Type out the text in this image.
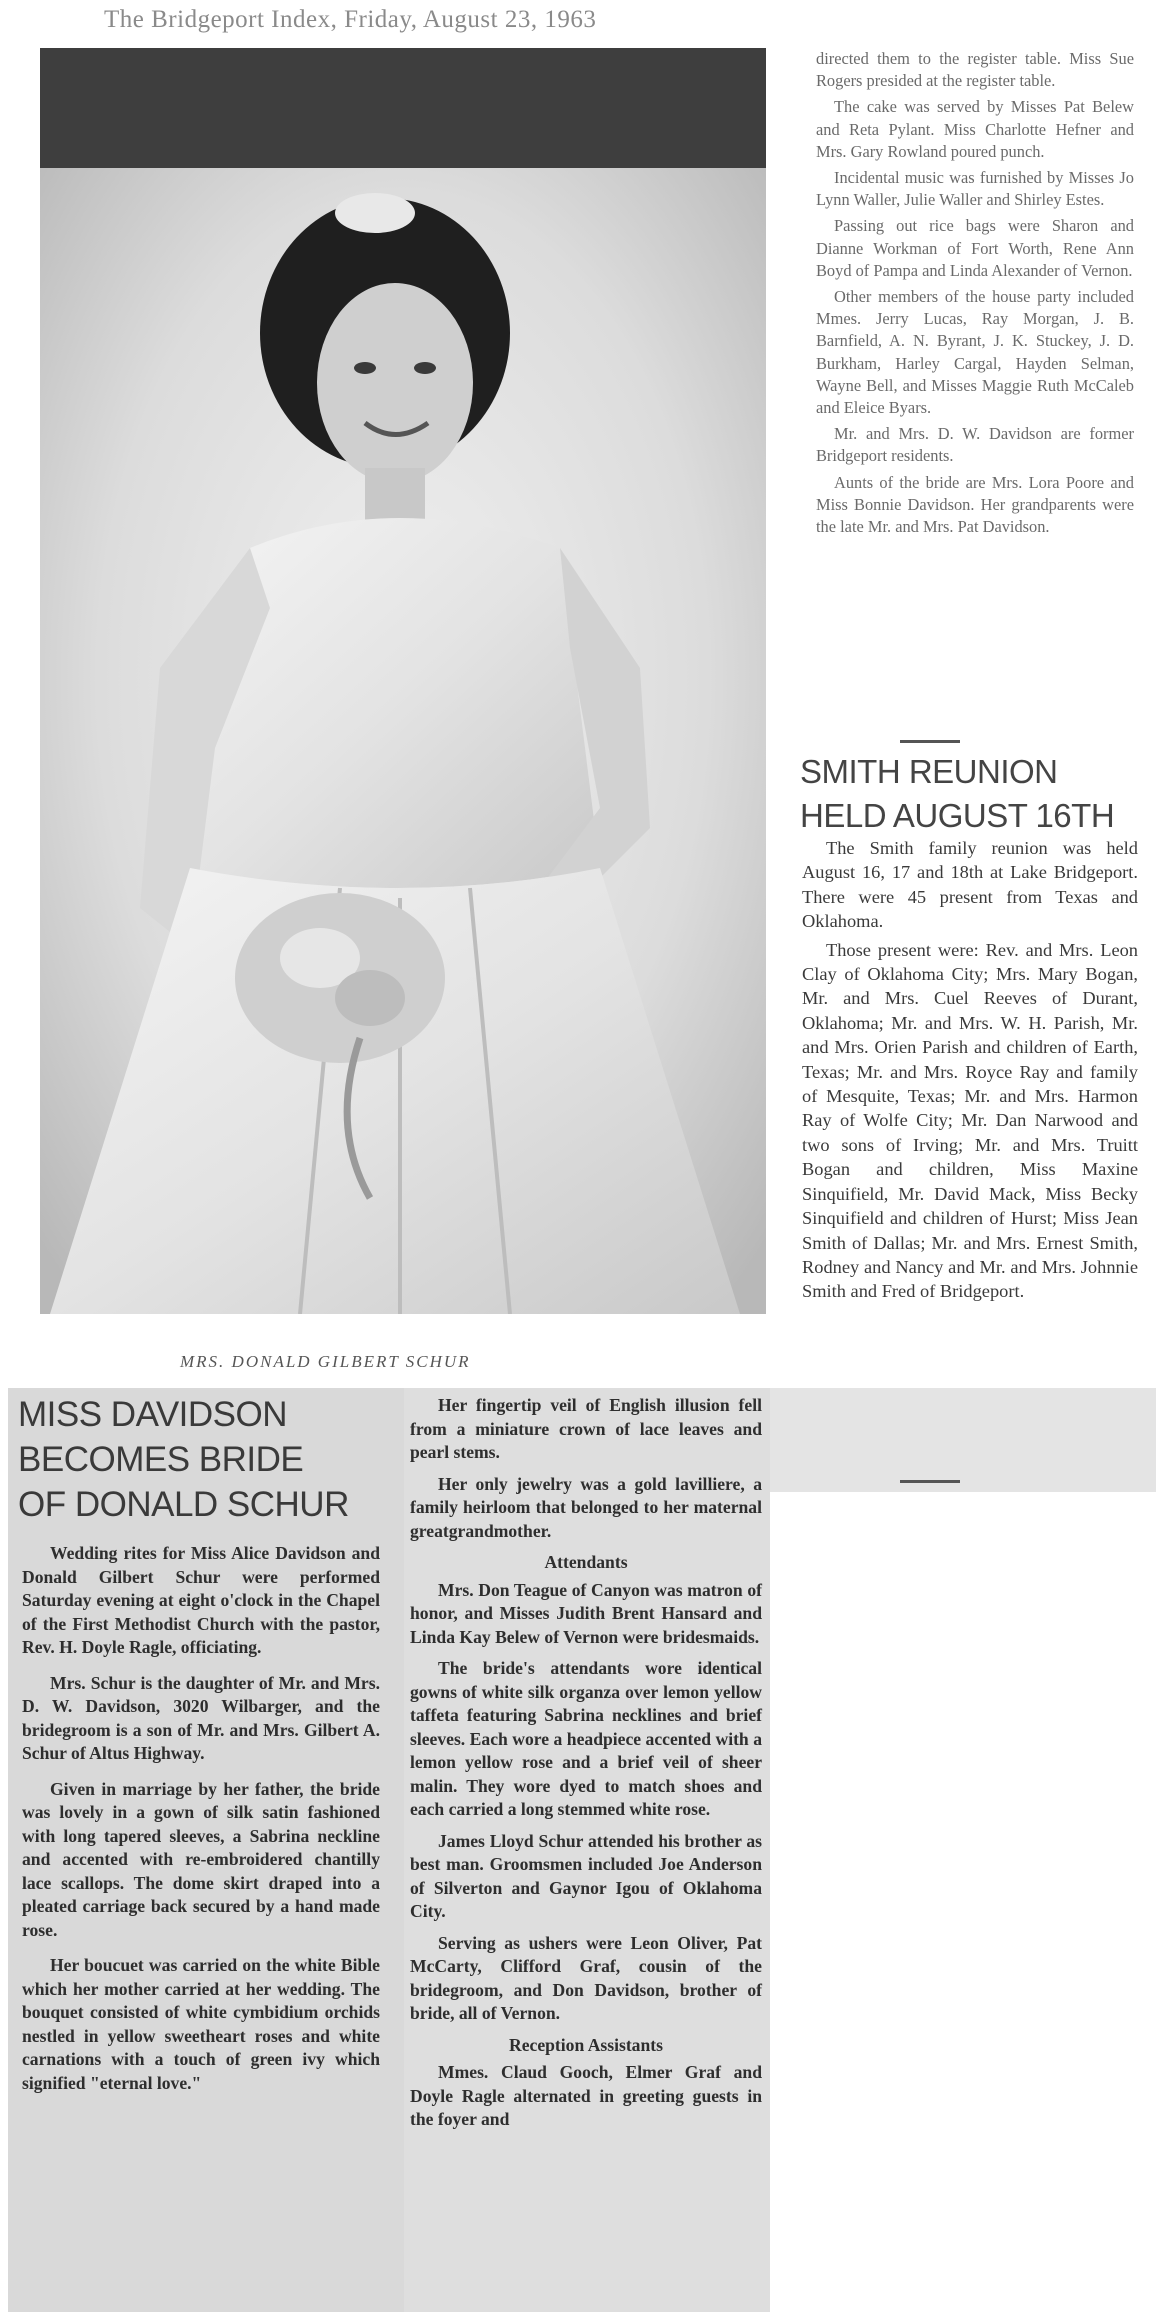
The Bridgeport Index, Friday, August 23, 1963
MRS. DONALD GILBERT SCHUR
MISS DAVIDSON
BECOMES BRIDE
OF DONALD SCHUR

Wedding rites for Miss Alice Davidson and Donald Gilbert Schur were performed Saturday evening at eight o'clock in the Chapel of the First Methodist Church with the pastor, Rev. H. Doyle Ragle, officiating.

Mrs. Schur is the daughter of Mr. and Mrs. D. W. Davidson, 3020 Wilbarger, and the bridegroom is a son of Mr. and Mrs. Gilbert A. Schur of Altus Highway.

Given in marriage by her father, the bride was lovely in a gown of silk satin fashioned with long tapered sleeves, a Sabrina neckline and accented with re-embroidered chantilly lace scallops. The dome skirt draped into a pleated carriage back secured by a hand made rose.

Her boucuet was carried on the white Bible which her mother carried at her wedding. The bouquet consisted of white cymbidium orchids nestled in yellow sweetheart roses and white carnations with a touch of green ivy which signified "eternal love."

Her fingertip veil of English illusion fell from a miniature crown of lace leaves and pearl stems.

Her only jewelry was a gold lavilliere, a family heirloom that belonged to her maternal greatgrandmother.

Attendants

Mrs. Don Teague of Canyon was matron of honor, and Misses Judith Brent Hansard and Linda Kay Belew of Vernon were bridesmaids.

The bride's attendants wore identical gowns of white silk organza over lemon yellow taffeta featuring Sabrina necklines and brief sleeves. Each wore a headpiece accented with a lemon yellow rose and a brief veil of sheer malin. They wore dyed to match shoes and each carried a long stemmed white rose.

James Lloyd Schur attended his brother as best man. Groomsmen included Joe Anderson of Silverton and Gaynor Igou of Oklahoma City.

Serving as ushers were Leon Oliver, Pat McCarty, Clifford Graf, cousin of the bridegroom, and Don Davidson, brother of bride, all of Vernon.

Reception Assistants

Mmes. Claud Gooch, Elmer Graf and Doyle Ragle alternated in greeting guests in the foyer and

directed them to the register table. Miss Sue Rogers presided at the register table.

The cake was served by Misses Pat Belew and Reta Pylant. Miss Charlotte Hefner and Mrs. Gary Rowland poured punch.

Incidental music was furnished by Misses Jo Lynn Waller, Julie Waller and Shirley Estes.

Passing out rice bags were Sharon and Dianne Workman of Fort Worth, Rene Ann Boyd of Pampa and Linda Alexander of Vernon.

Other members of the house party included Mmes. Jerry Lucas, Ray Morgan, J. B. Barnfield, A. N. Byrant, J. K. Stuckey, J. D. Burkham, Harley Cargal, Hayden Selman, Wayne Bell, and Misses Maggie Ruth McCaleb and Eleice Byars.

Mr. and Mrs. D. W. Davidson are former Bridgeport residents.

Aunts of the bride are Mrs. Lora Poore and Miss Bonnie Davidson. Her grandparents were the late Mr. and Mrs. Pat Davidson.

SMITH REUNION
HELD AUGUST 16TH

The Smith family reunion was held August 16, 17 and 18th at Lake Bridgeport. There were 45 present from Texas and Oklahoma.

Those present were: Rev. and Mrs. Leon Clay of Oklahoma City; Mrs. Mary Bogan, Mr. and Mrs. Cuel Reeves of Durant, Oklahoma; Mr. and Mrs. W. H. Parish, Mr. and Mrs. Orien Parish and children of Earth, Texas; Mr. and Mrs. Royce Ray and family of Mesquite, Texas; Mr. and Mrs. Harmon Ray of Wolfe City; Mr. Dan Narwood and two sons of Irving; Mr. and Mrs. Truitt Bogan and children, Miss Maxine Sinquifield, Mr. David Mack, Miss Becky Sinquifield and children of Hurst; Miss Jean Smith of Dallas; Mr. and Mrs. Ernest Smith, Rodney and Nancy and Mr. and Mrs. Johnnie Smith and Fred of Bridgeport.
